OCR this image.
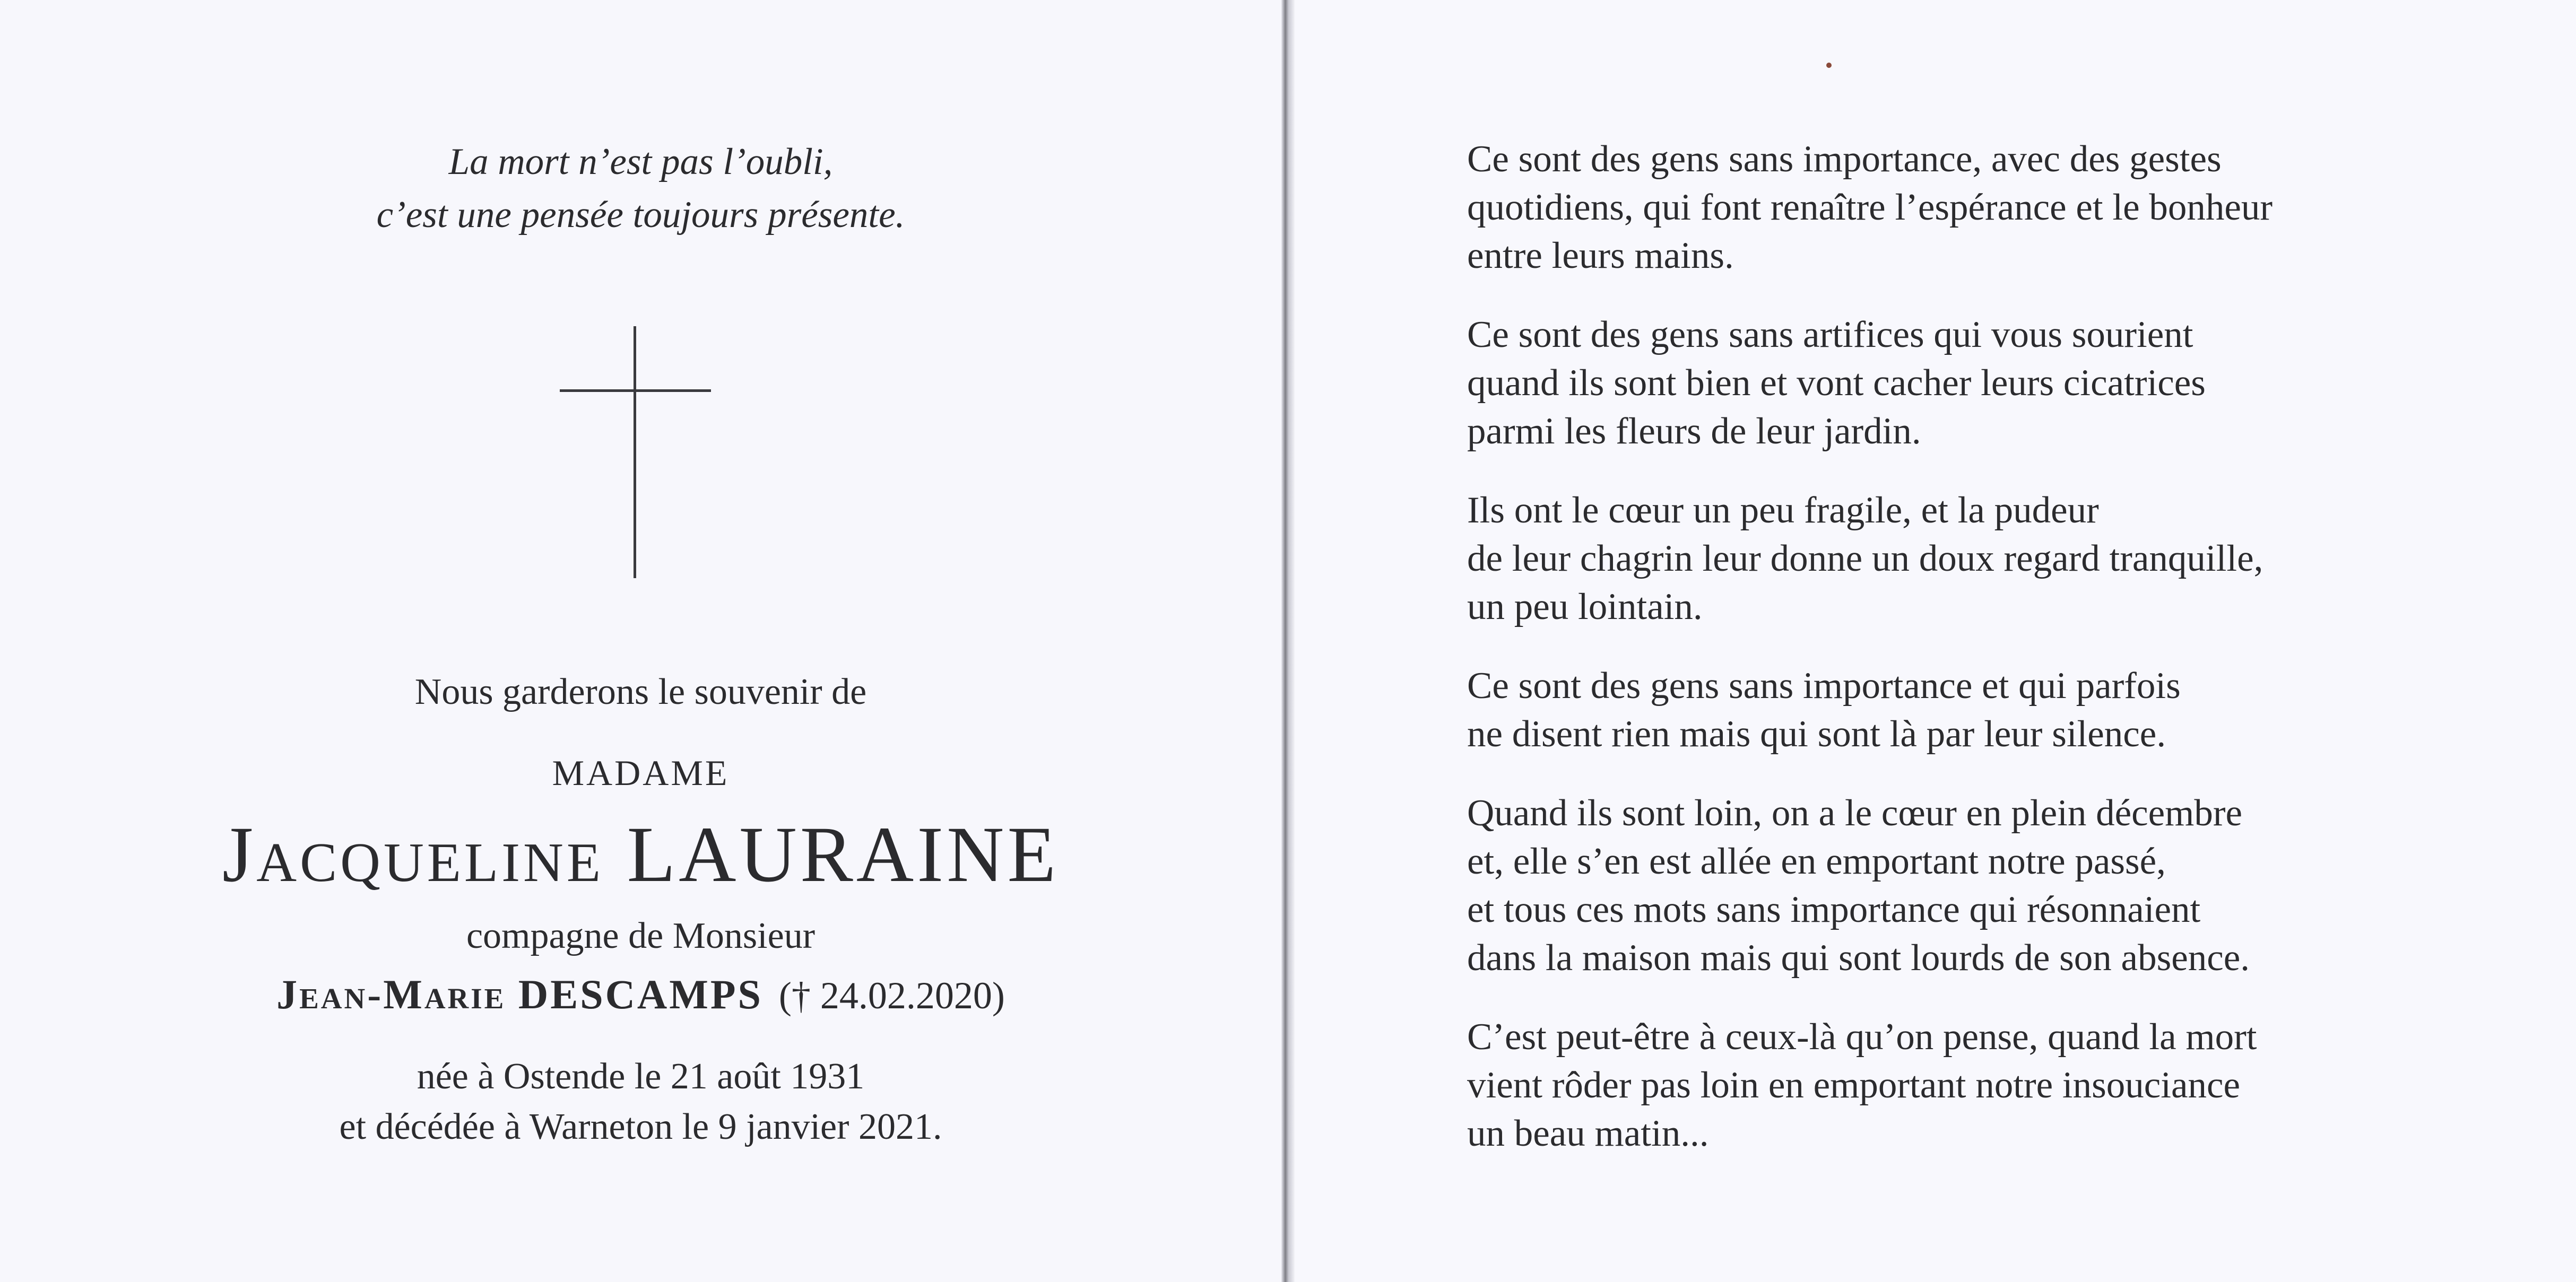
La mort n’est pas l’oubli,
c’est une pensée toujours présente.
Nous garderons le souvenir de
MADAME
Jacqueline LAURAINE
compagne de Monsieur
Jean-Marie DESCAMPS († 24.02.2020)
née à Ostende le 21 août 1931
et décédée à Warneton le 9 janvier 2021.
Ce sont des gens sans importance, avec des gestes
quotidiens, qui font renaître l’espérance et le bonheur
entre leurs mains.
Ce sont des gens sans artifices qui vous sourient
quand ils sont bien et vont cacher leurs cicatrices
parmi les fleurs de leur jardin.
Ils ont le cœur un peu fragile, et la pudeur
de leur chagrin leur donne un doux regard tranquille,
un peu lointain.
Ce sont des gens sans importance et qui parfois
ne disent rien mais qui sont là par leur silence.
Quand ils sont loin, on a le cœur en plein décembre
et, elle s’en est allée en emportant notre passé,
et tous ces mots sans importance qui résonnaient
dans la maison mais qui sont lourds de son absence.
C’est peut-être à ceux-là qu’on pense, quand la mort
vient rôder pas loin en emportant notre insouciance
un beau matin...
